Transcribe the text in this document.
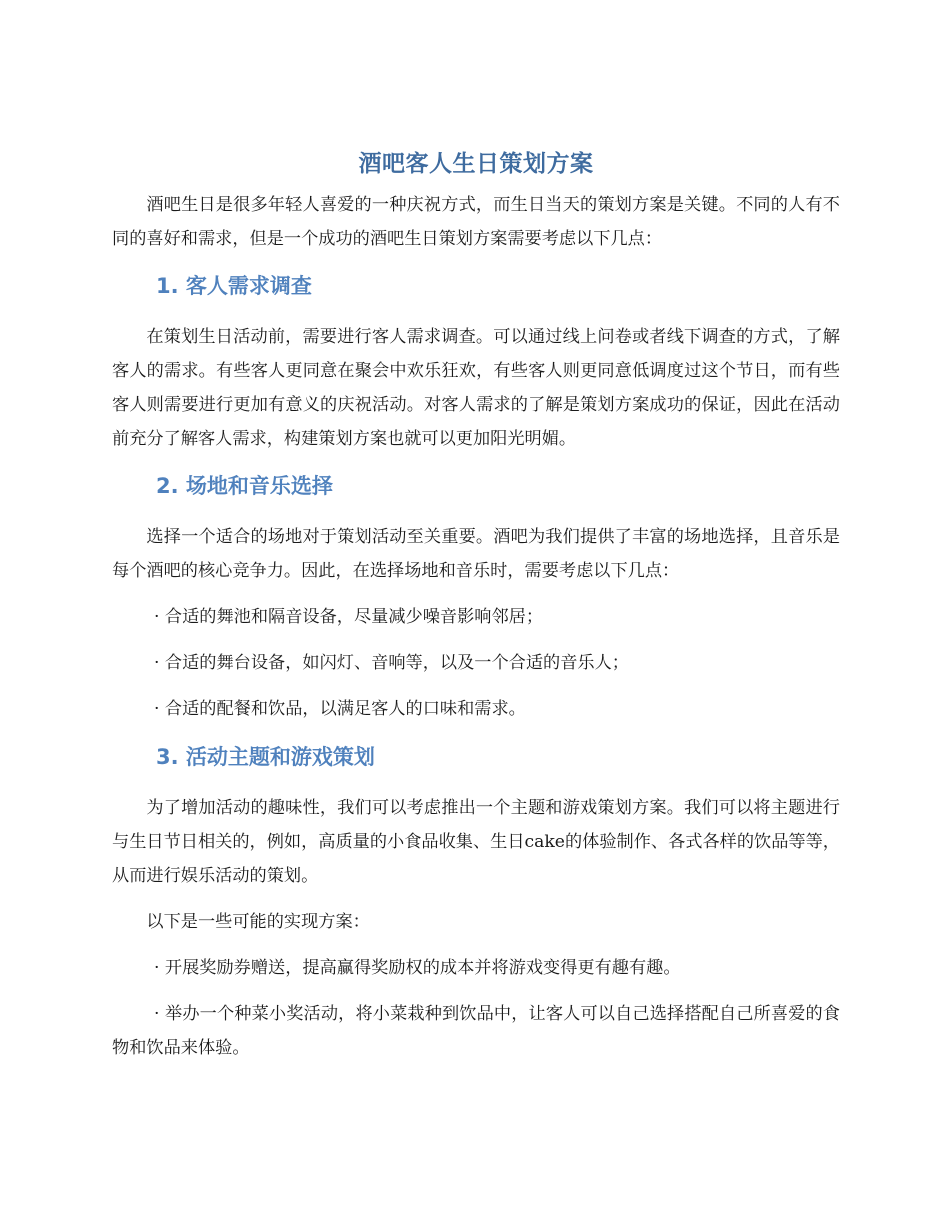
酒吧客人生日策划方案

酒吧生日是很多年轻人喜爱的一种庆祝方式，而生日当天的策划方案是关键。不同的人有不同的喜好和需求，但是一个成功的酒吧生日策划方案需要考虑以下几点：

1. 客人需求调查

在策划生日活动前，需要进行客人需求调查。可以通过线上问卷或者线下调查的方式，了解客人的需求。有些客人更同意在聚会中欢乐狂欢，有些客人则更同意低调度过这个节日，而有些客人则需要进行更加有意义的庆祝活动。对客人需求的了解是策划方案成功的保证，因此在活动前充分了解客人需求，构建策划方案也就可以更加阳光明媚。

2. 场地和音乐选择

选择一个适合的场地对于策划活动至关重要。酒吧为我们提供了丰富的场地选择，且音乐是每个酒吧的核心竞争力。因此，在选择场地和音乐时，需要考虑以下几点：

· 合适的舞池和隔音设备，尽量减少噪音影响邻居；

· 合适的舞台设备，如闪灯、音响等，以及一个合适的音乐人；

· 合适的配餐和饮品，以满足客人的口味和需求。

3. 活动主题和游戏策划

为了增加活动的趣味性，我们可以考虑推出一个主题和游戏策划方案。我们可以将主题进行与生日节日相关的，例如，高质量的小食品收集、生日cake的体验制作、各式各样的饮品等等，从而进行娱乐活动的策划。

以下是一些可能的实现方案：

· 开展奖励券赠送，提高赢得奖励权的成本并将游戏变得更有趣有趣。

· 举办一个种菜小奖活动，将小菜栽种到饮品中，让客人可以自己选择搭配自己所喜爱的食物和饮品来体验。
